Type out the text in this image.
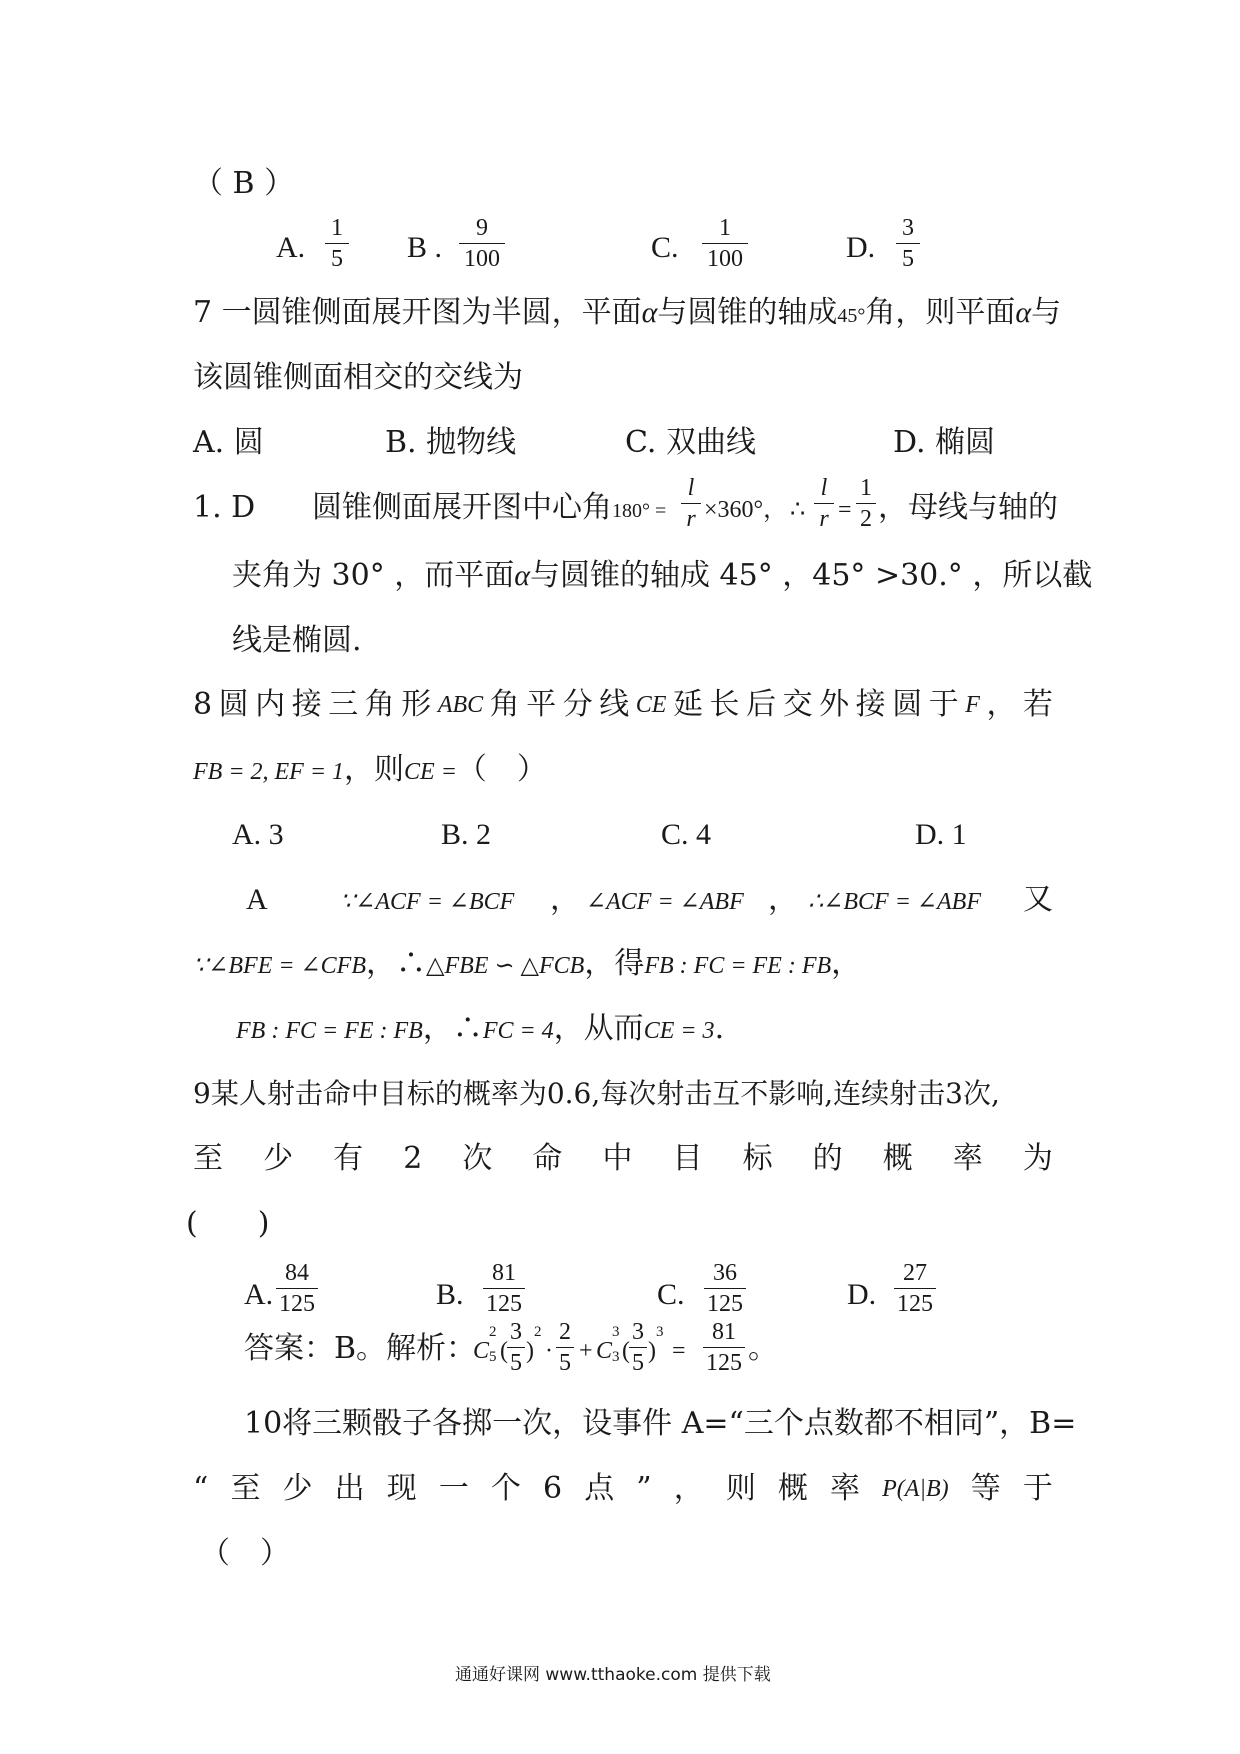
（ B ）
A.
1
5 B .
9
100	C.
1
100	D.
3
5
7 一圆锥侧面展开图为半圆，平面α与圆锥的轴成45°角，则平面α与
该圆锥侧面相交的交线为
A. 圆	B. 抛物线	C. 双曲线	D. 椭圆
1. D 圆锥侧面展开图中心角180° =
l
r ×360°， ∴
l
r =
1
2 ，母线与轴的
夹角为 30° ，而平面α与圆锥的轴成 45° ，45° >30.° ，所以截
线是椭圆.
8 圆 内 接 三 角 形 ABC 角 平 分 线 CE 延 长 后 交 外 接 圆 于 F ， 若
FB = 2, EF = 1，则CE =（　）
A. 3	B. 2	C. 4	D. 1
A	∵∠ACF = ∠BCF ， ∠ACF = ∠ABF ， ∴∠BCF = ∠ABF 又
∵∠BFE = ∠CFB，∴△FBE ∽ △FCB，得FB : FC = FE : FB，
FB : FC = FE : FB，∴FC = 4，从而CE = 3.
9某人射击命中目标的概率为0.6,每次射击互不影响,连续射击3次,
至 少 有 2 次 命 中 目 标 的 概 率 为
(　　)
A.
84
125	B.
81
125	C.
36
125	D.
27
125
答案：B。解析：
C
2
5 (
3
5 )
2
·
2
5 + C
3
3 (
3
5 )
3
=
81
125 。
10将三颗骰子各掷一次，设事件 A=“三个点数都不相同”，B=
“ 至 少 出 现 一 个 6 点 ” ， 则 概 率 P(A|B) 等 于
（　）
通通好课网 www.tthaoke.com 提供下载
